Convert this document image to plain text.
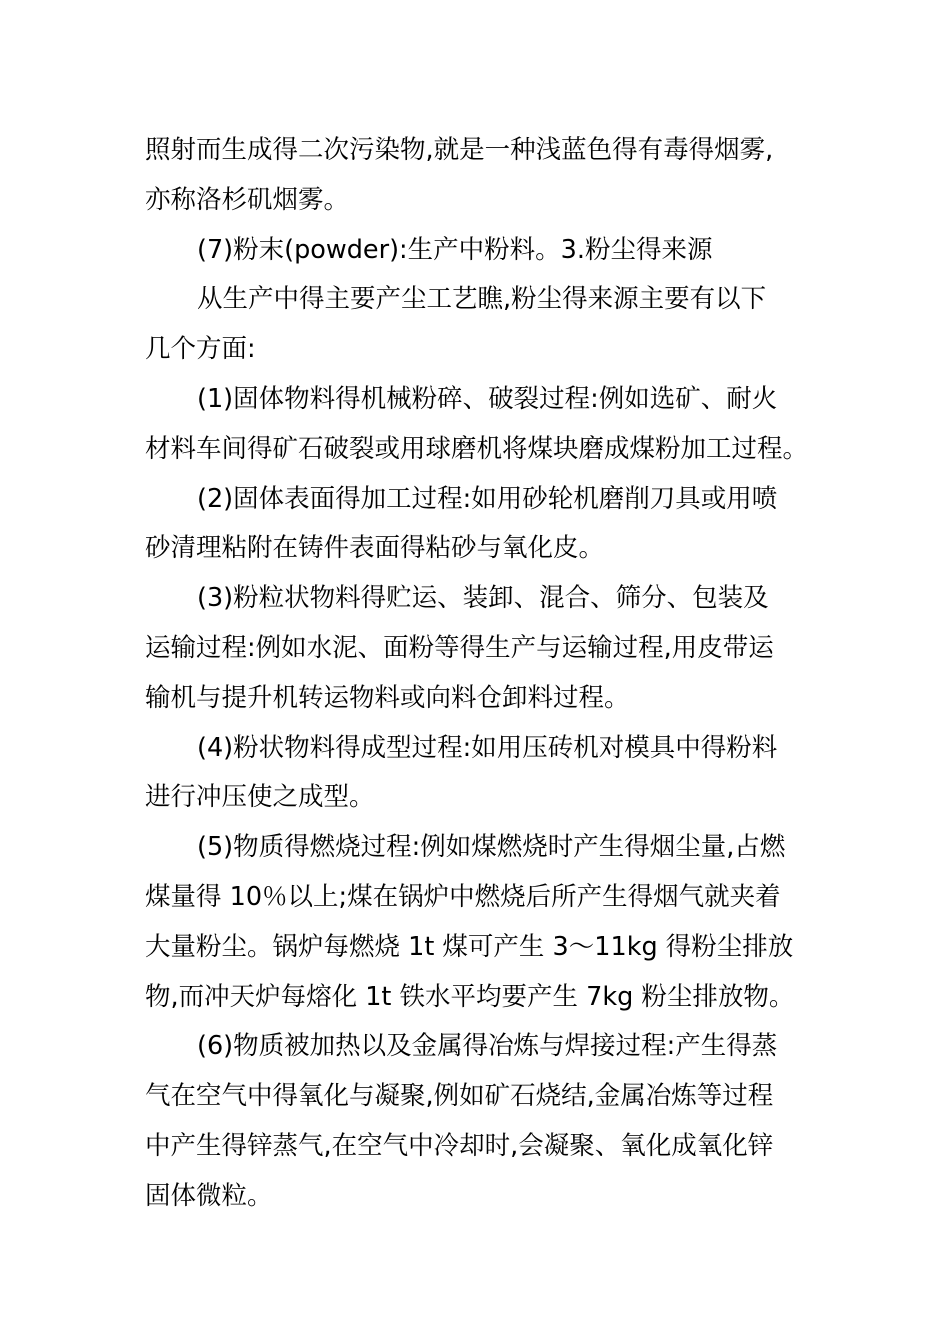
照射而生成得二次污染物,就是一种浅蓝色得有毒得烟雾,
亦称洛杉矶烟雾。

(7)粉末(powder):生产中粉料。3.粉尘得来源

从生产中得主要产尘工艺瞧,粉尘得来源主要有以下
几个方面:

(1)固体物料得机械粉碎、破裂过程:例如选矿、耐火
材料车间得矿石破裂或用球磨机将煤块磨成煤粉加工过程。

(2)固体表面得加工过程:如用砂轮机磨削刀具或用喷
砂清理粘附在铸件表面得粘砂与氧化皮。

(3)粉粒状物料得贮运、装卸、混合、筛分、包装及
运输过程:例如水泥、面粉等得生产与运输过程,用皮带运
输机与提升机转运物料或向料仓卸料过程。

(4)粉状物料得成型过程:如用压砖机对模具中得粉料
进行冲压使之成型。

(5)物质得燃烧过程:例如煤燃烧时产生得烟尘量,占燃
煤量得 10％以上;煤在锅炉中燃烧后所产生得烟气就夹着
大量粉尘。锅炉每燃烧 1t 煤可产生 3～11kg 得粉尘排放
物,而冲天炉每熔化 1t 铁水平均要产生 7kg 粉尘排放物。

(6)物质被加热以及金属得冶炼与焊接过程:产生得蒸
气在空气中得氧化与凝聚,例如矿石烧结,金属冶炼等过程
中产生得锌蒸气,在空气中冷却时,会凝聚、氧化成氧化锌
固体微粒。
